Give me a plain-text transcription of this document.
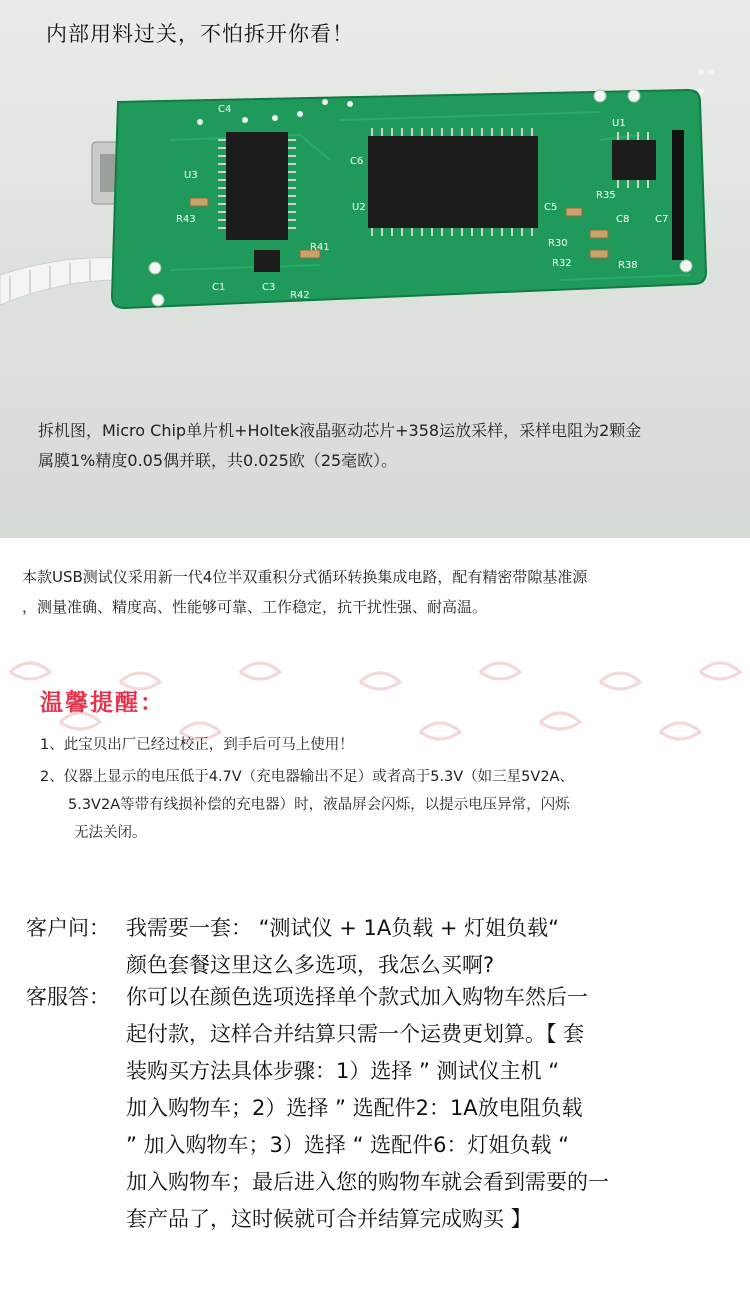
内部用料过关，不怕拆开你看！
R43
R41
R42
C1	C3
C4
C5
C6
C7
C8
R30
R32
R35
R38
U1
U2
U3
拆机图，Micro Chip单片机+Holtek液晶驱动芯片+358运放采样，采样电阻为2颗金
属膜1%精度0.05偶并联，共0.025欧（25毫欧）。
本款USB测试仪采用新一代4位半双重积分式循环转换集成电路，配有精密带隙基准源
，测量准确、精度高、性能够可靠、工作稳定，抗干扰性强、耐高温。
温馨提醒：
1、此宝贝出厂已经过校正，到手后可马上使用！
2、仪器上显示的电压低于4.7V（充电器输出不足）或者高于5.3V（如三星5V2A、
5.3V2A等带有线损补偿的充电器）时，液晶屏会闪烁，以提示电压异常，闪烁
无法关闭。
客户问： 我需要一套： “测试仪 + 1A负载 + 灯姐负载“
颜色套餐这里这么多选项，我怎么买啊?
客服答： 你可以在颜色选项选择单个款式加入购物车然后一
起付款，这样合并结算只需一个运费更划算。【 套
装购买方法具体步骤：1）选择 ” 测试仪主机 “
加入购物车；2）选择 ” 选配件2：1A放电阻负载
” 加入购物车；3）选择 “ 选配件6：灯姐负载 “
加入购物车；最后进入您的购物车就会看到需要的一
套产品了，这时候就可合并结算完成购买 】
